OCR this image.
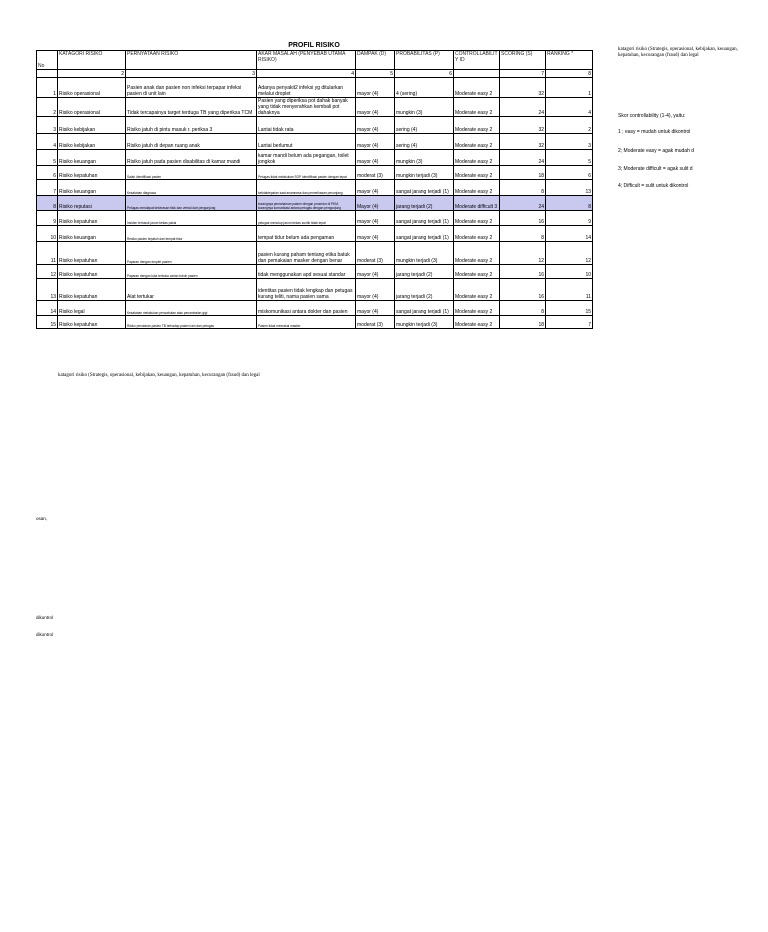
PROFIL RISIKO
No	KATAGORI RISIKO	PERNYATAAN RISIKO	AKAR MASALAH (PENYEBAB UTAMA RISIKO)	DAMPAK (D)	PROBABILITAS (P)	CONTROLLABILIT Y ID	SCORING (S)	RANKING *
	2	3	4	5	6		7	8
1	Risiko operasional	Pasien anak dan pasien non infeksi terpapar infeksi pasien di unit lain	Adanya penyakit2 infeksi yg ditularkan melalui droplet	mayor (4)	4 (sering)	Moderate easy 2	32	1
2	Risiko operasional	Tidak tercapainya target terduga TB yang diperiksa TCM	Pasien yang diperiksa pot dahak banyak yang tidak menyerahkan kembali pot dahaknya	mayor (4)	mungkin (3)	Moderate easy 2	24	4
3	Risiko kebijakan	Risiko jatuh di pintu masuk r. periksa 3	Lantai tidak rata	mayor (4)	sering (4)	Moderate easy 2	32	2
4	Risiko kebijakan	Risiko jatuh di depan ruang anak	Lantai berlumut	mayor (4)	sering (4)	Moderate easy 2	32	3
5	Risiko keuangan	Risiko jatuh pada pasien disabilitas di kamar mandi	kamar mandi belum ada pegangan, toilet jongkok	mayor (4)	mungkin (3)	Moderate easy 2	24	5
6	Risiko kepatuhan	Salah identifikasi pasien	Petugas tidak melakukan SOP identifikasi pasien dengan tepat	moderat (3)	mungkin terjadi (3)	Moderate easy 2	18	6
7	Risiko keuangan	Kesalahan diagnosa	ketidaktepatan saat anamnesa dan pemeriksaan penunjang	mayor (4)	sangat jarang terjadi (1)	Moderate easy 2	8	13
8	Risiko reputasi	Petugas mendapat kekerasan fisik dan verbal dari pengunjung	kurangnya pemahaman pasien dengan prosedur di PKM, kurangnya komunikasi antara petugas dengan pengunjung	Mayor (4)	jarang terjadi (2)	Moderate difficult 3	24	8
9	Risiko kepatuhan	Insiden tertusuk jarum bekas pakai	petugas menutup jarum bekas suntik tidak tepat	mayor (4)	sangat jarang terjadi (1)	Moderate easy 2	16	9
10	Risiko keuangan	Resiko pasien terjatuh dari tempat tidur	tempat tidur belum ada pengaman	mayor (4)	sangat jarang terjadi (1)	Moderate easy 2	8	14
11	Risiko kepatuhan	Paparan dengan droplet pasien	pasien kurang paham tentang etika batuk dan pemakaian masker dengan benar	moderat (3)	mungkin terjadi (3)	Moderate easy 2	12	12
12	Risiko kepatuhan	Paparan dengan luka terbuka cairan tubuh pasien	tidak menggunakan apd sesuai standar	mayor (4)	jarang terjadi (2)	Moderate easy 2	16	10
13	Risiko kepatuhan	Alat tertukar	identitas pasien tidak lengkap dan petugas kurang teliti, nama pasien sama	mayor (4)	jarang terjadi (2)	Moderate easy 2	16	11
14	Risiko legal	Kesalahan melakukan pencabutan atau penambalan gigi	miskomunikasi antara dokter dan pasien	mayor (4)	sangat jarang terjadi (1)	Moderate easy 2	8	15
15	Risiko kepatuhan	Risiko penularan pasien TB terhadap pasien lain dan petugas	Pasien tidak memakai masker	moderat (3)	mungkin terjadi (3)	Moderate easy 2	18	7
katagori risiko (Strategis, operasional, kebijakan, keuangan, kepatuhan, kecurangan (fraud) dan legal
Skor controllability (1-4), yaitu:
1 ; easy = mudah untuk dikontrol
2; Moderate easy = agak mudah d
3; Moderate difficult = agak sulit d
4; Difficult = sulit untuk dikontrol
katagori risiko (Strategis, operasional, kebijakan, keuangan, kepatuhan, kecurangan (fraud) dan legal
osan,
dikontrol
dikontrol
